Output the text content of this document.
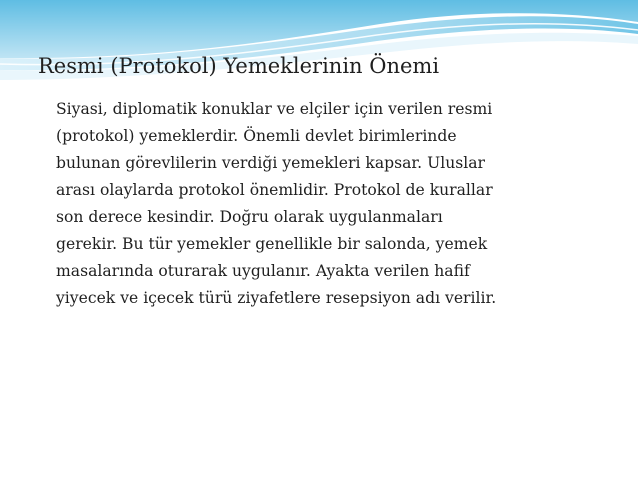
Resmi (Protokol) Yemeklerinin Önemi

Siyasi, diplomatik konuklar ve elçiler için verilen resmi
(protokol) yemeklerdir. Önemli devlet birimlerinde
bulunan görevlilerin verdiği yemekleri kapsar. Uluslar
arası olaylarda protokol önemlidir. Protokol de kurallar
son derece kesindir. Doğru olarak uygulanmaları
gerekir. Bu tür yemekler genellikle bir salonda, yemek
masalarında oturarak uygulanır. Ayakta verilen hafif
yiyecek ve içecek türü ziyafetlere resepsiyon adı verilir.
